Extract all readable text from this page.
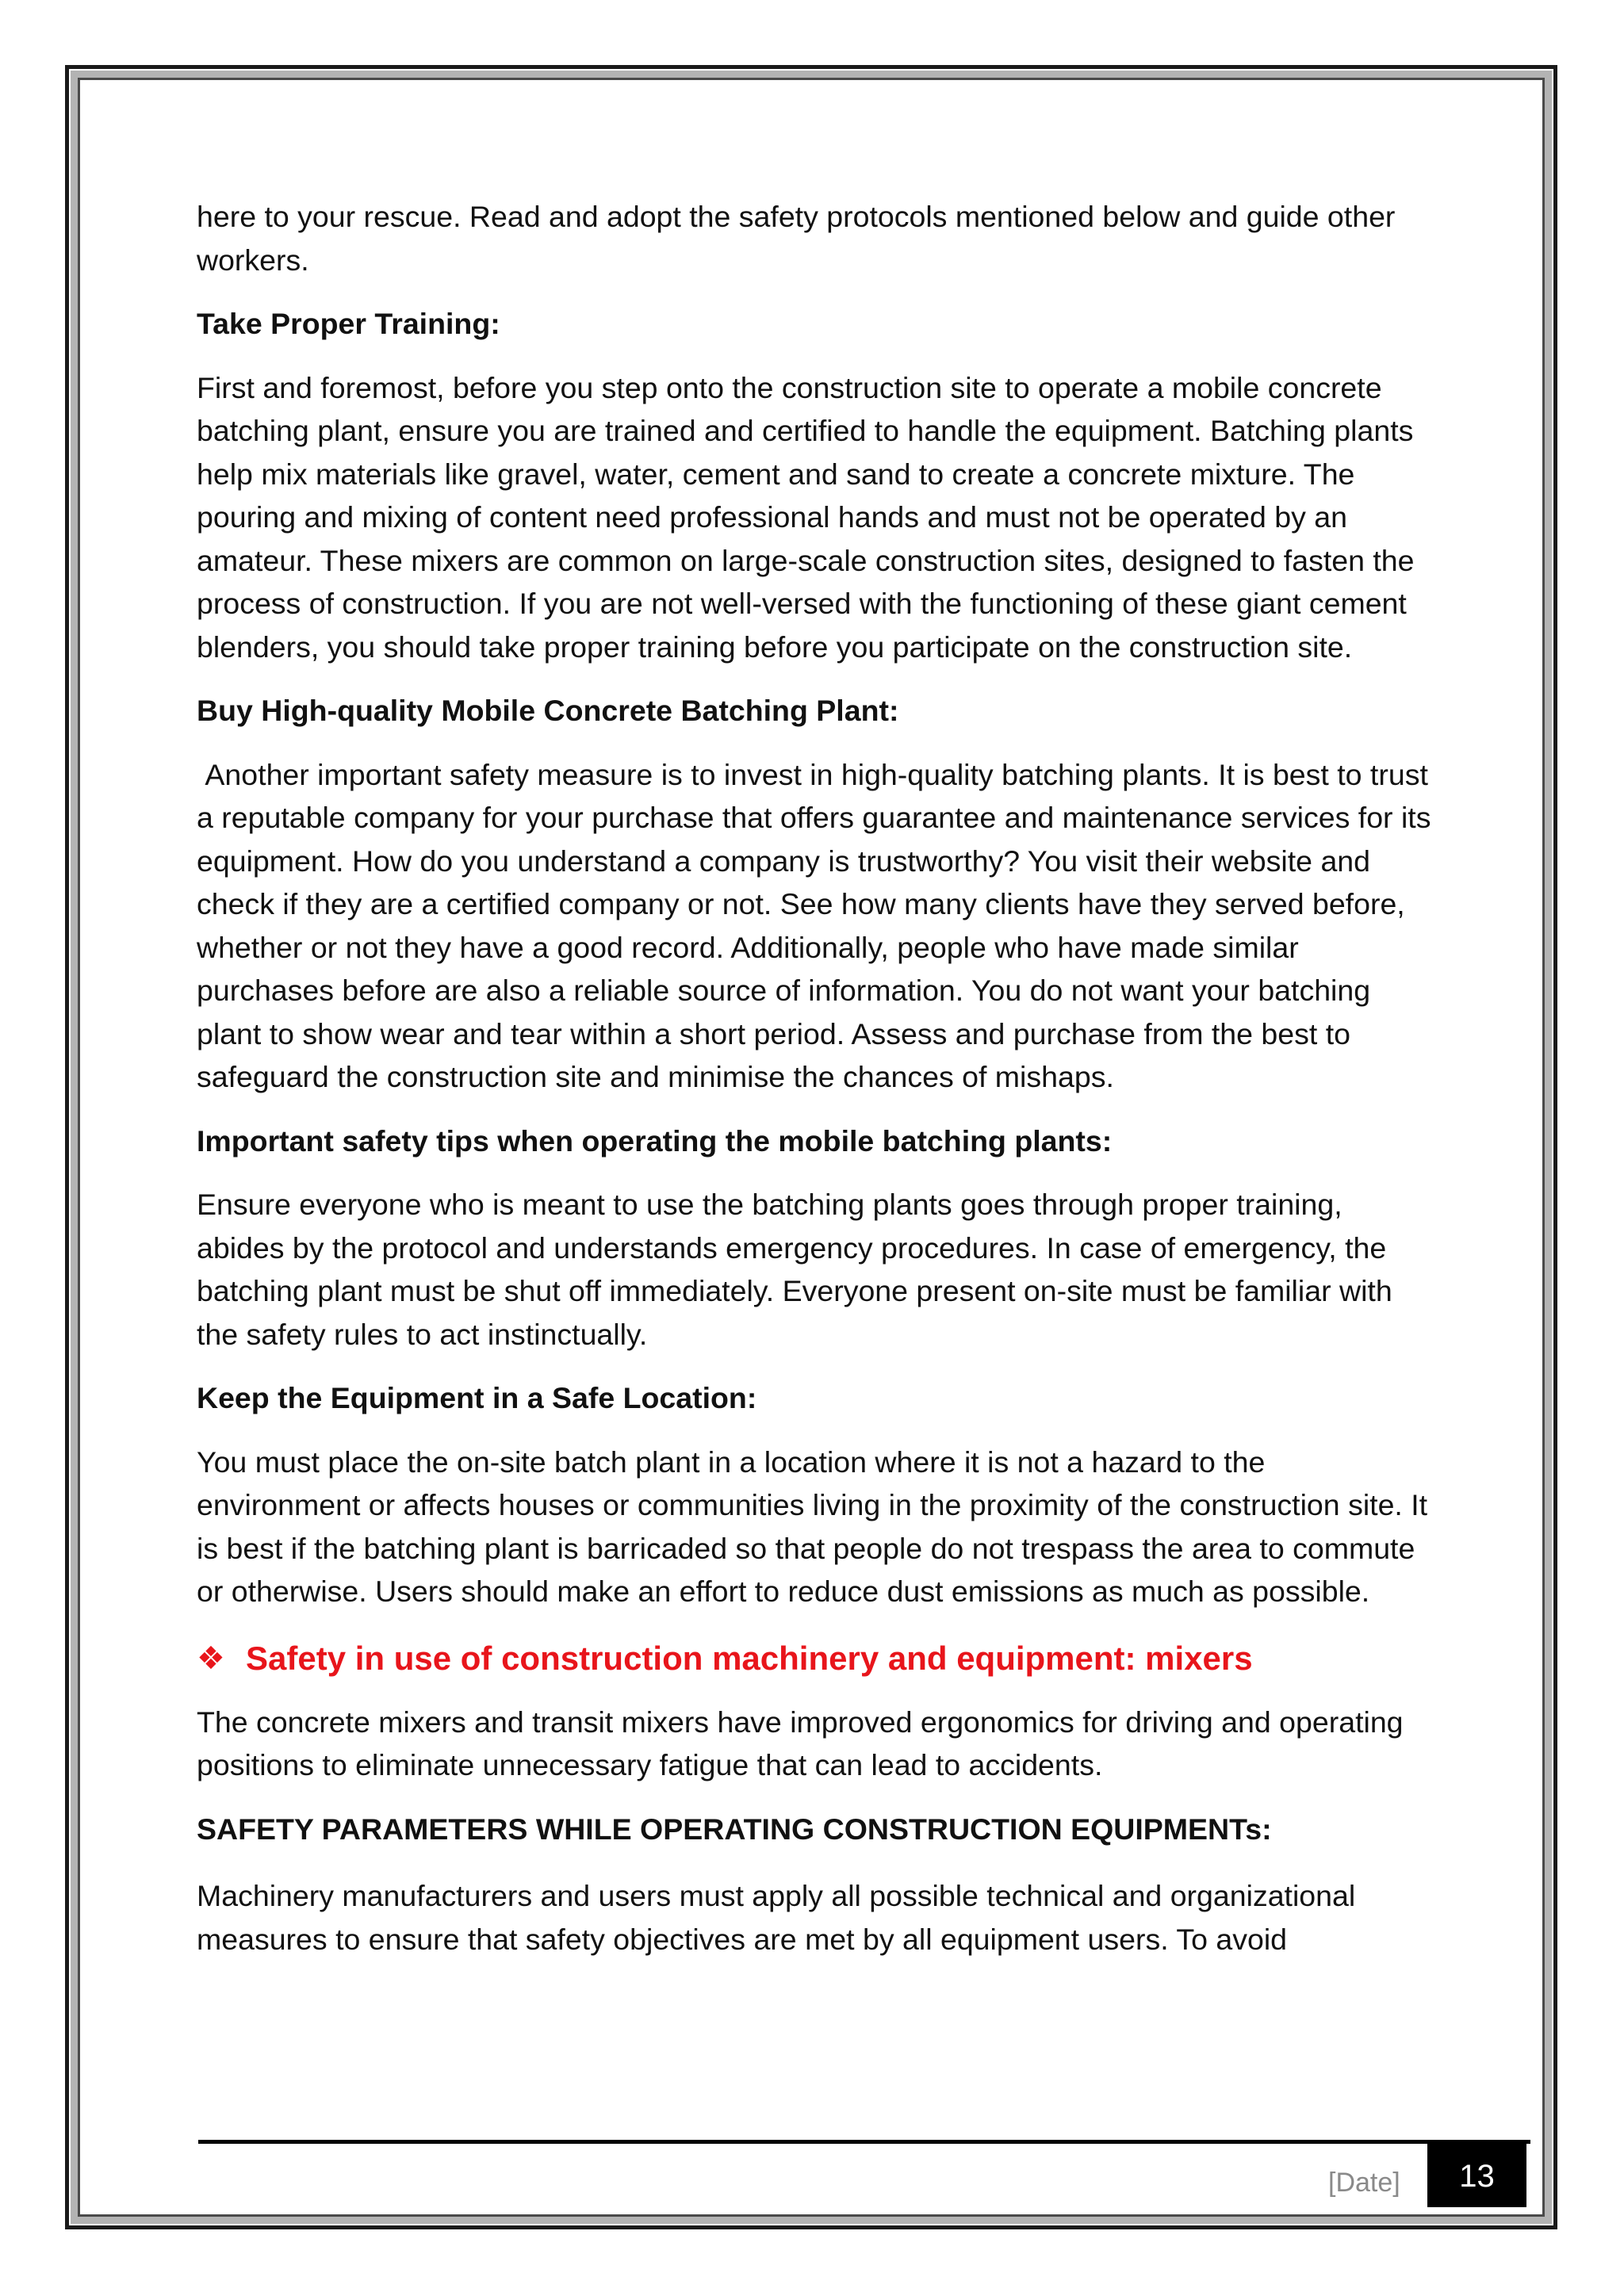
here to your rescue. Read and adopt the safety protocols mentioned below and guide other workers.

Take Proper Training:

First and foremost, before you step onto the construction site to operate a mobile concrete batching plant, ensure you are trained and certified to handle the equipment. Batching plants help mix materials like gravel, water, cement and sand to create a concrete mixture. The pouring and mixing of content need professional hands and must not be operated by an amateur. These mixers are common on large-scale construction sites, designed to fasten the process of construction. If you are not well-versed with the functioning of these giant cement blenders, you should take proper training before you participate on the construction site.

Buy High-quality Mobile Concrete Batching Plant:

Another important safety measure is to invest in high-quality batching plants. It is best to trust a reputable company for your purchase that offers guarantee and maintenance services for its equipment. How do you understand a company is trustworthy? You visit their website and check if they are a certified company or not. See how many clients have they served before, whether or not they have a good record. Additionally, people who have made similar purchases before are also a reliable source of information. You do not want your batching plant to show wear and tear within a short period. Assess and purchase from the best to safeguard the construction site and minimise the chances of mishaps.

Important safety tips when operating the mobile batching plants:

Ensure everyone who is meant to use the batching plants goes through proper training, abides by the protocol and understands emergency procedures. In case of emergency, the batching plant must be shut off immediately. Everyone present on-site must be familiar with the safety rules to act instinctually.

Keep the Equipment in a Safe Location:

You must place the on-site batch plant in a location where it is not a hazard to the environment or affects houses or communities living in the proximity of the construction site. It is best if the batching plant is barricaded so that people do not trespass the area to commute or otherwise. Users should make an effort to reduce dust emissions as much as possible.

❖ Safety in use of construction machinery and equipment: mixers

The concrete mixers and transit mixers have improved ergonomics for driving and operating positions to eliminate unnecessary fatigue that can lead to accidents.

SAFETY PARAMETERS WHILE OPERATING CONSTRUCTION EQUIPMENTs:

Machinery manufacturers and users must apply all possible technical and organizational measures to ensure that safety objectives are met by all equipment users. To avoid

[Date]	13
